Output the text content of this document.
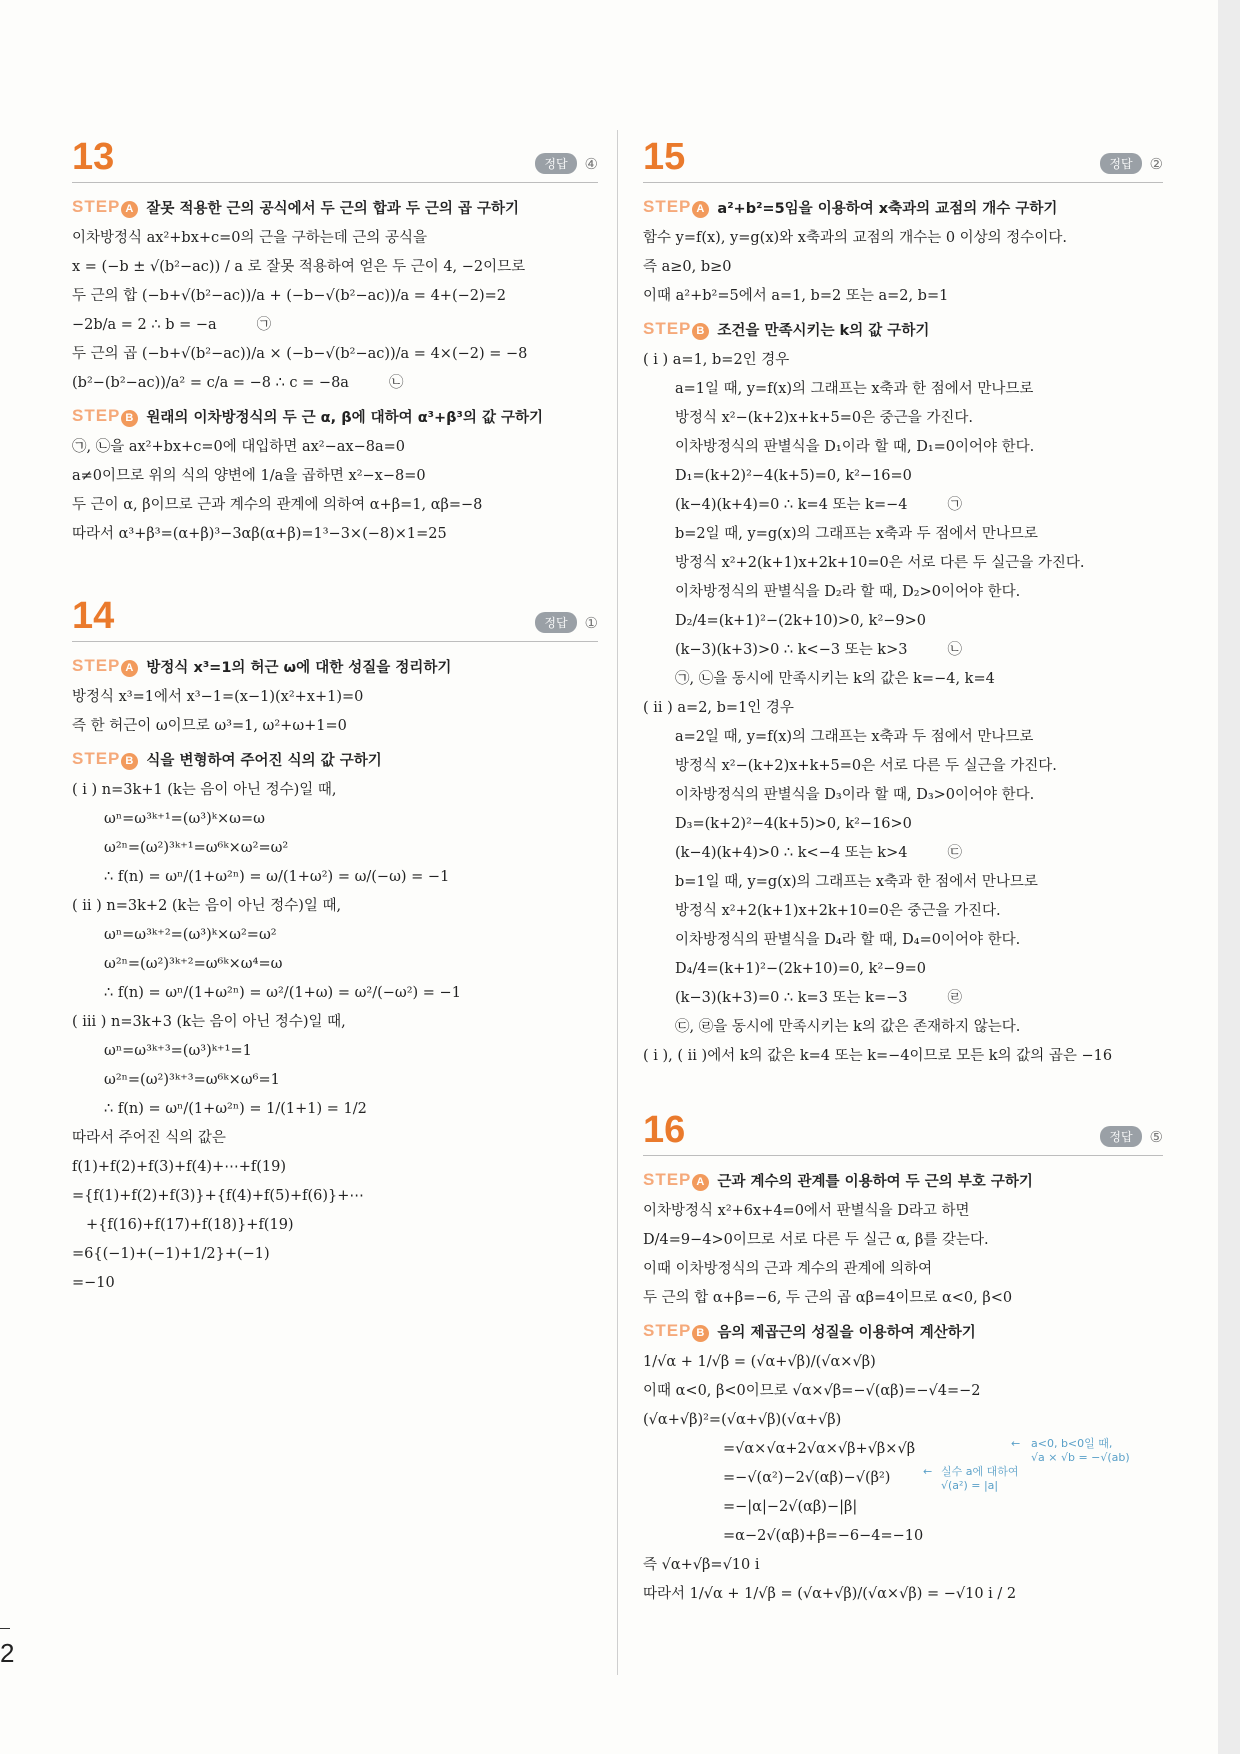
2
13	정답	④
STEP A 잘못 적용한 근의 공식에서 두 근의 합과 두 근의 곱 구하기
이차방정식 ax²+bx+c=0의 근을 구하는데 근의 공식을
x = (−b ± √(b²−ac)) / a 로 잘못 적용하여 얻은 두 근이 4, −2이므로
두 근의 합 (−b+√(b²−ac))/a + (−b−√(b²−ac))/a = 4+(−2)=2
−2b/a = 2 ∴ b = −a	㉠
두 근의 곱 (−b+√(b²−ac))/a × (−b−√(b²−ac))/a = 4×(−2) = −8
(b²−(b²−ac))/a² = c/a = −8 ∴ c = −8a	㉡
STEP B 원래의 이차방정식의 두 근 α, β에 대하여 α³+β³의 값 구하기
㉠, ㉡을 ax²+bx+c=0에 대입하면 ax²−ax−8a=0
a≠0이므로 위의 식의 양변에 1/a을 곱하면 x²−x−8=0
두 근이 α, β이므로 근과 계수의 관계에 의하여 α+β=1, αβ=−8
따라서 α³+β³=(α+β)³−3αβ(α+β)=1³−3×(−8)×1=25
14	정답	①
STEP A 방정식 x³=1의 허근 ω에 대한 성질을 정리하기
방정식 x³=1에서 x³−1=(x−1)(x²+x+1)=0
즉 한 허근이 ω이므로 ω³=1, ω²+ω+1=0
STEP B 식을 변형하여 주어진 식의 값 구하기
( i ) n=3k+1 (k는 음이 아닌 정수)일 때,
ωⁿ=ω³ᵏ⁺¹=(ω³)ᵏ×ω=ω
ω²ⁿ=(ω²)³ᵏ⁺¹=ω⁶ᵏ×ω²=ω²
∴ f(n) = ωⁿ/(1+ω²ⁿ) = ω/(1+ω²) = ω/(−ω) = −1
( ii ) n=3k+2 (k는 음이 아닌 정수)일 때,
ωⁿ=ω³ᵏ⁺²=(ω³)ᵏ×ω²=ω²
ω²ⁿ=(ω²)³ᵏ⁺²=ω⁶ᵏ×ω⁴=ω
∴ f(n) = ωⁿ/(1+ω²ⁿ) = ω²/(1+ω) = ω²/(−ω²) = −1
( iii ) n=3k+3 (k는 음이 아닌 정수)일 때,
ωⁿ=ω³ᵏ⁺³=(ω³)ᵏ⁺¹=1
ω²ⁿ=(ω²)³ᵏ⁺³=ω⁶ᵏ×ω⁶=1
∴ f(n) = ωⁿ/(1+ω²ⁿ) = 1/(1+1) = 1/2
따라서 주어진 식의 값은
f(1)+f(2)+f(3)+f(4)+⋯+f(19)
={f(1)+f(2)+f(3)}+{f(4)+f(5)+f(6)}+⋯
+{f(16)+f(17)+f(18)}+f(19)
=6{(−1)+(−1)+1/2}+(−1)
=−10
15	정답	②
STEP A a²+b²=5임을 이용하여 x축과의 교점의 개수 구하기
함수 y=f(x), y=g(x)와 x축과의 교점의 개수는 0 이상의 정수이다.
즉 a≥0, b≥0
이때 a²+b²=5에서 a=1, b=2 또는 a=2, b=1
STEP B 조건을 만족시키는 k의 값 구하기
( i ) a=1, b=2인 경우
a=1일 때, y=f(x)의 그래프는 x축과 한 점에서 만나므로
방정식 x²−(k+2)x+k+5=0은 중근을 가진다.
이차방정식의 판별식을 D₁이라 할 때, D₁=0이어야 한다.
D₁=(k+2)²−4(k+5)=0, k²−16=0
(k−4)(k+4)=0 ∴ k=4 또는 k=−4	㉠
b=2일 때, y=g(x)의 그래프는 x축과 두 점에서 만나므로
방정식 x²+2(k+1)x+2k+10=0은 서로 다른 두 실근을 가진다.
이차방정식의 판별식을 D₂라 할 때, D₂>0이어야 한다.
D₂/4=(k+1)²−(2k+10)>0, k²−9>0
(k−3)(k+3)>0 ∴ k<−3 또는 k>3	㉡
㉠, ㉡을 동시에 만족시키는 k의 값은 k=−4, k=4
( ii ) a=2, b=1인 경우
a=2일 때, y=f(x)의 그래프는 x축과 두 점에서 만나므로
방정식 x²−(k+2)x+k+5=0은 서로 다른 두 실근을 가진다.
이차방정식의 판별식을 D₃이라 할 때, D₃>0이어야 한다.
D₃=(k+2)²−4(k+5)>0, k²−16>0
(k−4)(k+4)>0 ∴ k<−4 또는 k>4	㉢
b=1일 때, y=g(x)의 그래프는 x축과 한 점에서 만나므로
방정식 x²+2(k+1)x+2k+10=0은 중근을 가진다.
이차방정식의 판별식을 D₄라 할 때, D₄=0이어야 한다.
D₄/4=(k+1)²−(2k+10)=0, k²−9=0
(k−3)(k+3)=0 ∴ k=3 또는 k=−3	㉣
㉢, ㉣을 동시에 만족시키는 k의 값은 존재하지 않는다.
( i ), ( ii )에서 k의 값은 k=4 또는 k=−4이므로 모든 k의 값의 곱은 −16
16	정답	⑤
STEP A 근과 계수의 관계를 이용하여 두 근의 부호 구하기
이차방정식 x²+6x+4=0에서 판별식을 D라고 하면
D/4=9−4>0이므로 서로 다른 두 실근 α, β를 갖는다.
이때 이차방정식의 근과 계수의 관계에 의하여
두 근의 합 α+β=−6, 두 근의 곱 αβ=4이므로 α<0, β<0
STEP B 음의 제곱근의 성질을 이용하여 계산하기
1/√α + 1/√β = (√α+√β)/(√α×√β)
이때 α<0, β<0이므로 √α×√β=−√(αβ)=−√4=−2
(√α+√β)²=(√α+√β)(√α+√β)
=√α×√α+2√α×√β+√β×√β
=−√(α²)−2√(αβ)−√(β²)
=−|α|−2√(αβ)−|β|
=α−2√(αβ)+β=−6−4=−10
← a<0, b<0일 때,
√a × √b = −√(ab)
← 실수 a에 대하여
√(a²) = |a|
즉 √α+√β=√10 i
따라서 1/√α + 1/√β = (√α+√β)/(√α×√β) = −√10 i / 2
